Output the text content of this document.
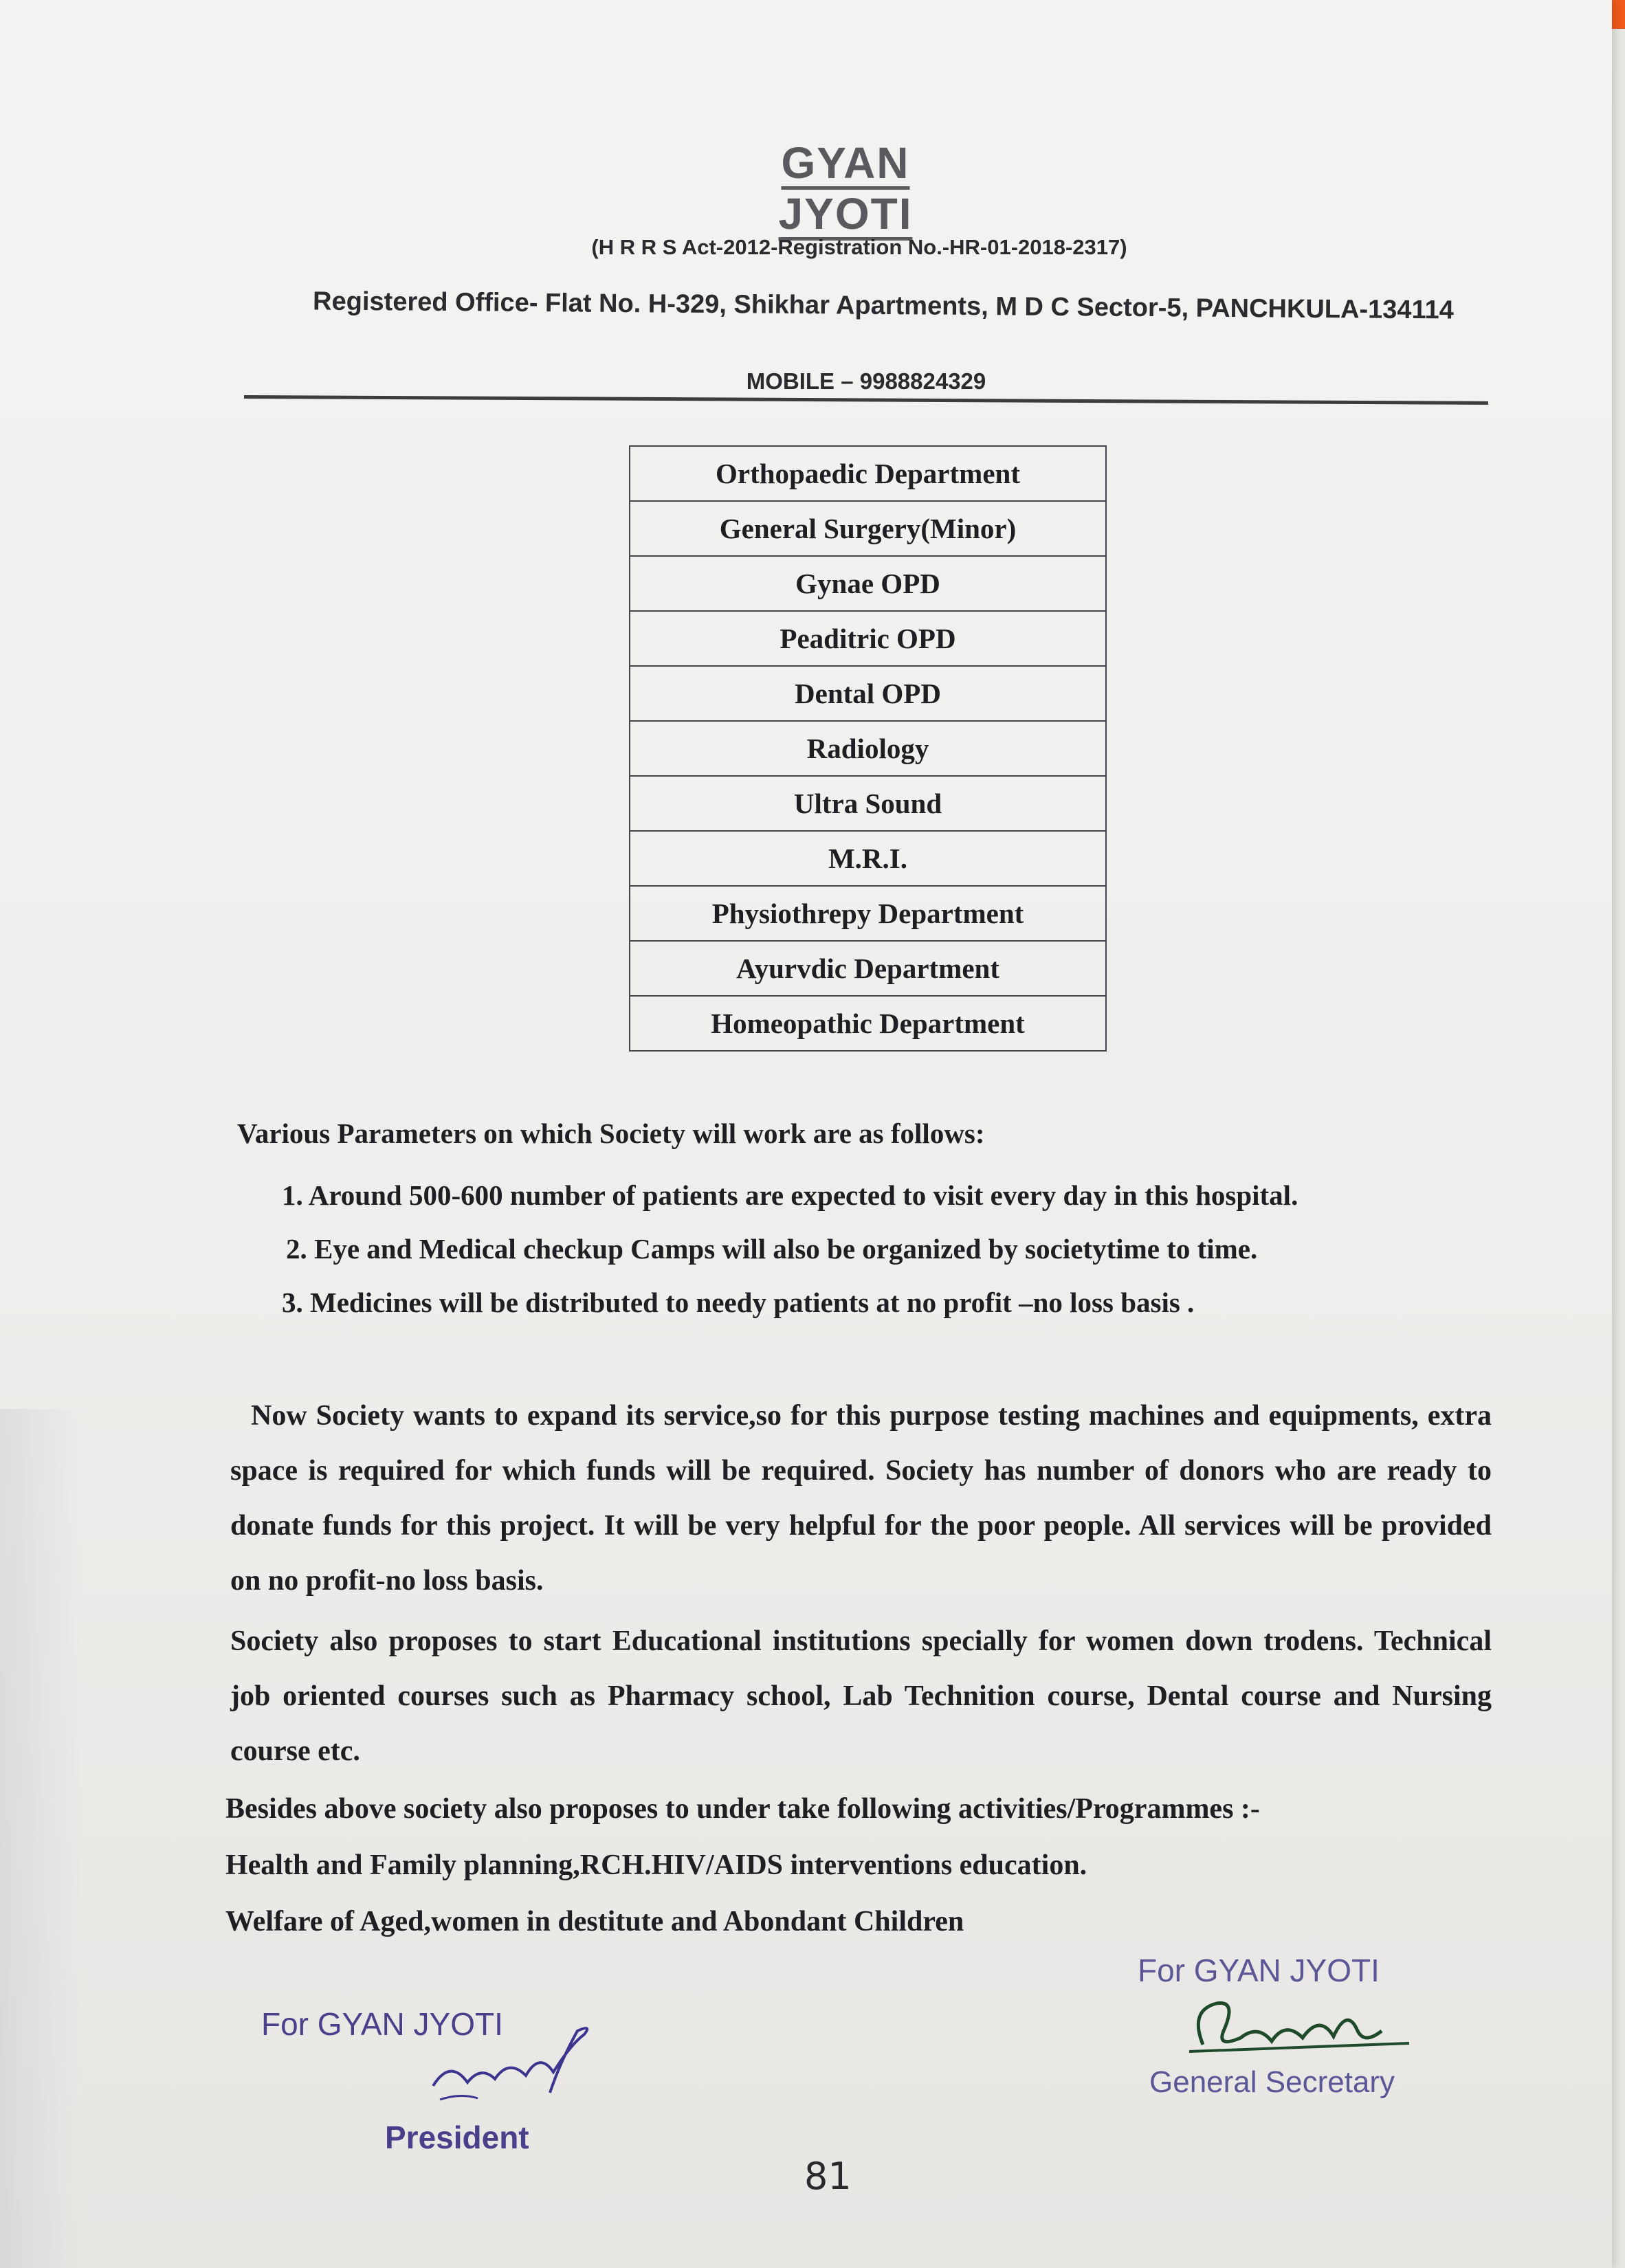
GYAN JYOTI
(H R R S Act-2012-Registration No.-HR-01-2018-2317)
Registered Office- Flat No. H-329, Shikhar Apartments, M D C Sector-5, PANCHKULA-134114
MOBILE – 9988824329
Orthopaedic Department
General Surgery(Minor)
Gynae OPD
Peaditric OPD
Dental OPD
Radiology
Ultra Sound
M.R.I.
Physiothrepy Department
Ayurvdic Department
Homeopathic Department
Various Parameters on which Society will work are as follows:
1. Around 500-600 number of patients are expected to visit every day in this hospital.
2. Eye and Medical checkup Camps will also be organized by societytime to time.
3. Medicines will be distributed to needy patients at no profit –no loss basis .
Now Society wants to expand its service,so for this purpose testing machines and equipments, extra space is required for which funds will be required. Society has number of donors who are ready to donate funds for this project. It will be very helpful for the poor people. All services will be provided on no profit-no loss basis.
Society also proposes to start Educational institutions specially for women down trodens. Technical job oriented courses such as Pharmacy school, Lab Technition course, Dental course and Nursing course etc.
Besides above society also proposes to under take following activities/Programmes :-
Health and Family planning,RCH.HIV/AIDS interventions education.
Welfare of Aged,women in destitute and Abondant Children
For GYAN JYOTI
President
For GYAN JYOTI
General Secretary
81
